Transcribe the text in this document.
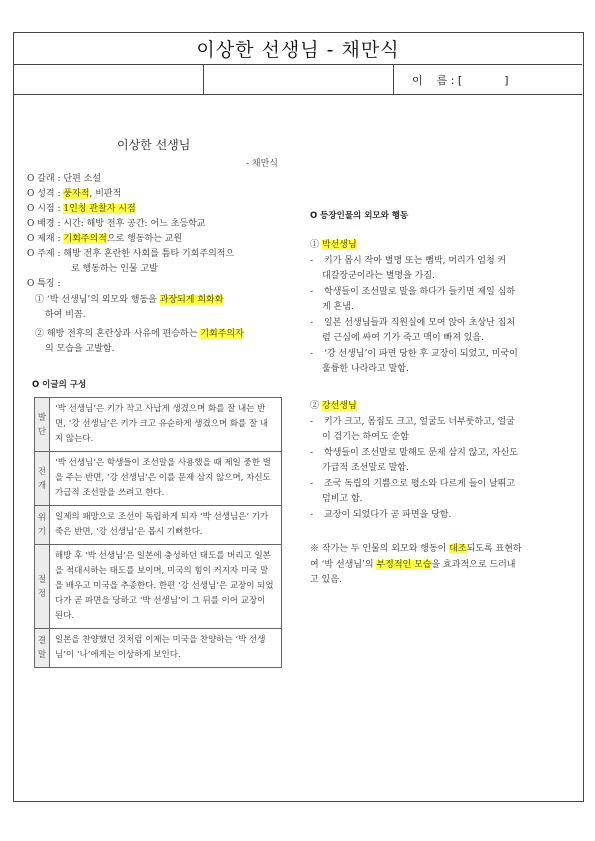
이상한 선생님 - 채만식
이    름 : [            ]
이상한 선생님
- 채만식
O 갈래 : 단편 소설
O 성격 : 풍자적, 비판적
O 시점 : 1인칭 관찰자 시점
O 배경 : 시간: 해방 전후 공간: 어느 초등학교
O 제재 : 기회주의적으로 행동하는 교원
O 주제 : 해방 전후 혼란한 사회를 틈타 기회주의적으
로 행동하는 인물 고발
O 특징 :
① ‘박 선생님’의 외모와 행동을 과장되게 희화화
하여 비꼼.
② 해방 전후의 혼란상과 사유에 편승하는 기회주의자
의 모습을 고발함.
O 이글의 구성
발
단	‘박 선생님’은 키가 작고 사납게 생겼으며 화를 잘 내는 반면, ‘강 선생님’은 키가 크고 유순하게 생겼으며 화를 잘 내지 않는다.
전
개	‘박 선생님’은 학생들이 조선말을 사용했을 때 제일 중한 벌을 주는 반면, ‘강 선생님’은 이를 문제 삼지 않으며, 자신도 가급적 조선말을 쓰려고 한다.
위
기	일제의 패망으로 조선이 독립하게 되자 ‘박 선생님은’ 기가 죽은 반면, ‘강 선생님’은 몹시 기뻐한다.
절
정	해방 후 ‘박 선생님’은 일본에 충성하던 태도를 버리고 일본을 적대시하는 태도를 보이며, 미국의 힘이 커지자 미국 말을 배우고 미국을 추종한다. 한편 ‘강 선생님’은 교장이 되었다가 곧 파면을 당하고 ‘박 선생님’이 그 뒤를 이어 교장이 된다.
결
말	일본을 찬양했던 것처럼 이제는 미국을 찬양하는 ‘박 선생님’이 ‘나’에게는 이상하게 보인다.
O 등장인물의 외모와 행동
① 박선생님
-	키가 몹시 작아 별명 또는 뼘박, 머리가 엄청 커
대갈장군이라는 별명을 가짐.
-	학생들이 조선말로 말을 하다가 들키면 제일 심하
게 혼냄.
-	일본 선생님들과 직원실에 모여 앉아 초상난 집처
럼 근심에 싸여 기가 죽고 맥이 빠져 있음.
-	‘강 선생님’이 파면 당한 후 교장이 되었고, 미국이
훌륭한 나라라고 말함.
② 강선생님
-	키가 크고, 몸집도 크고, 얼굴도 너부룻하고, 얼굴
이 검기는 하여도 순함
-	학생들이 조선말로 말해도 문제 삼지 않고, 자신도
가급적 조선말로 말함.
-	조국 독립의 기쁨으로 평소와 다르게 들이 날뛰고
덤비고 함.
-	교장이 되었다가 곧 파면을 당함.
※ 작가는 두 인물의 외모와 행동이 대조되도록 표현하
여 ‘박 선생님’의 부정적인 모습을 효과적으로 드러내
고 있음.
